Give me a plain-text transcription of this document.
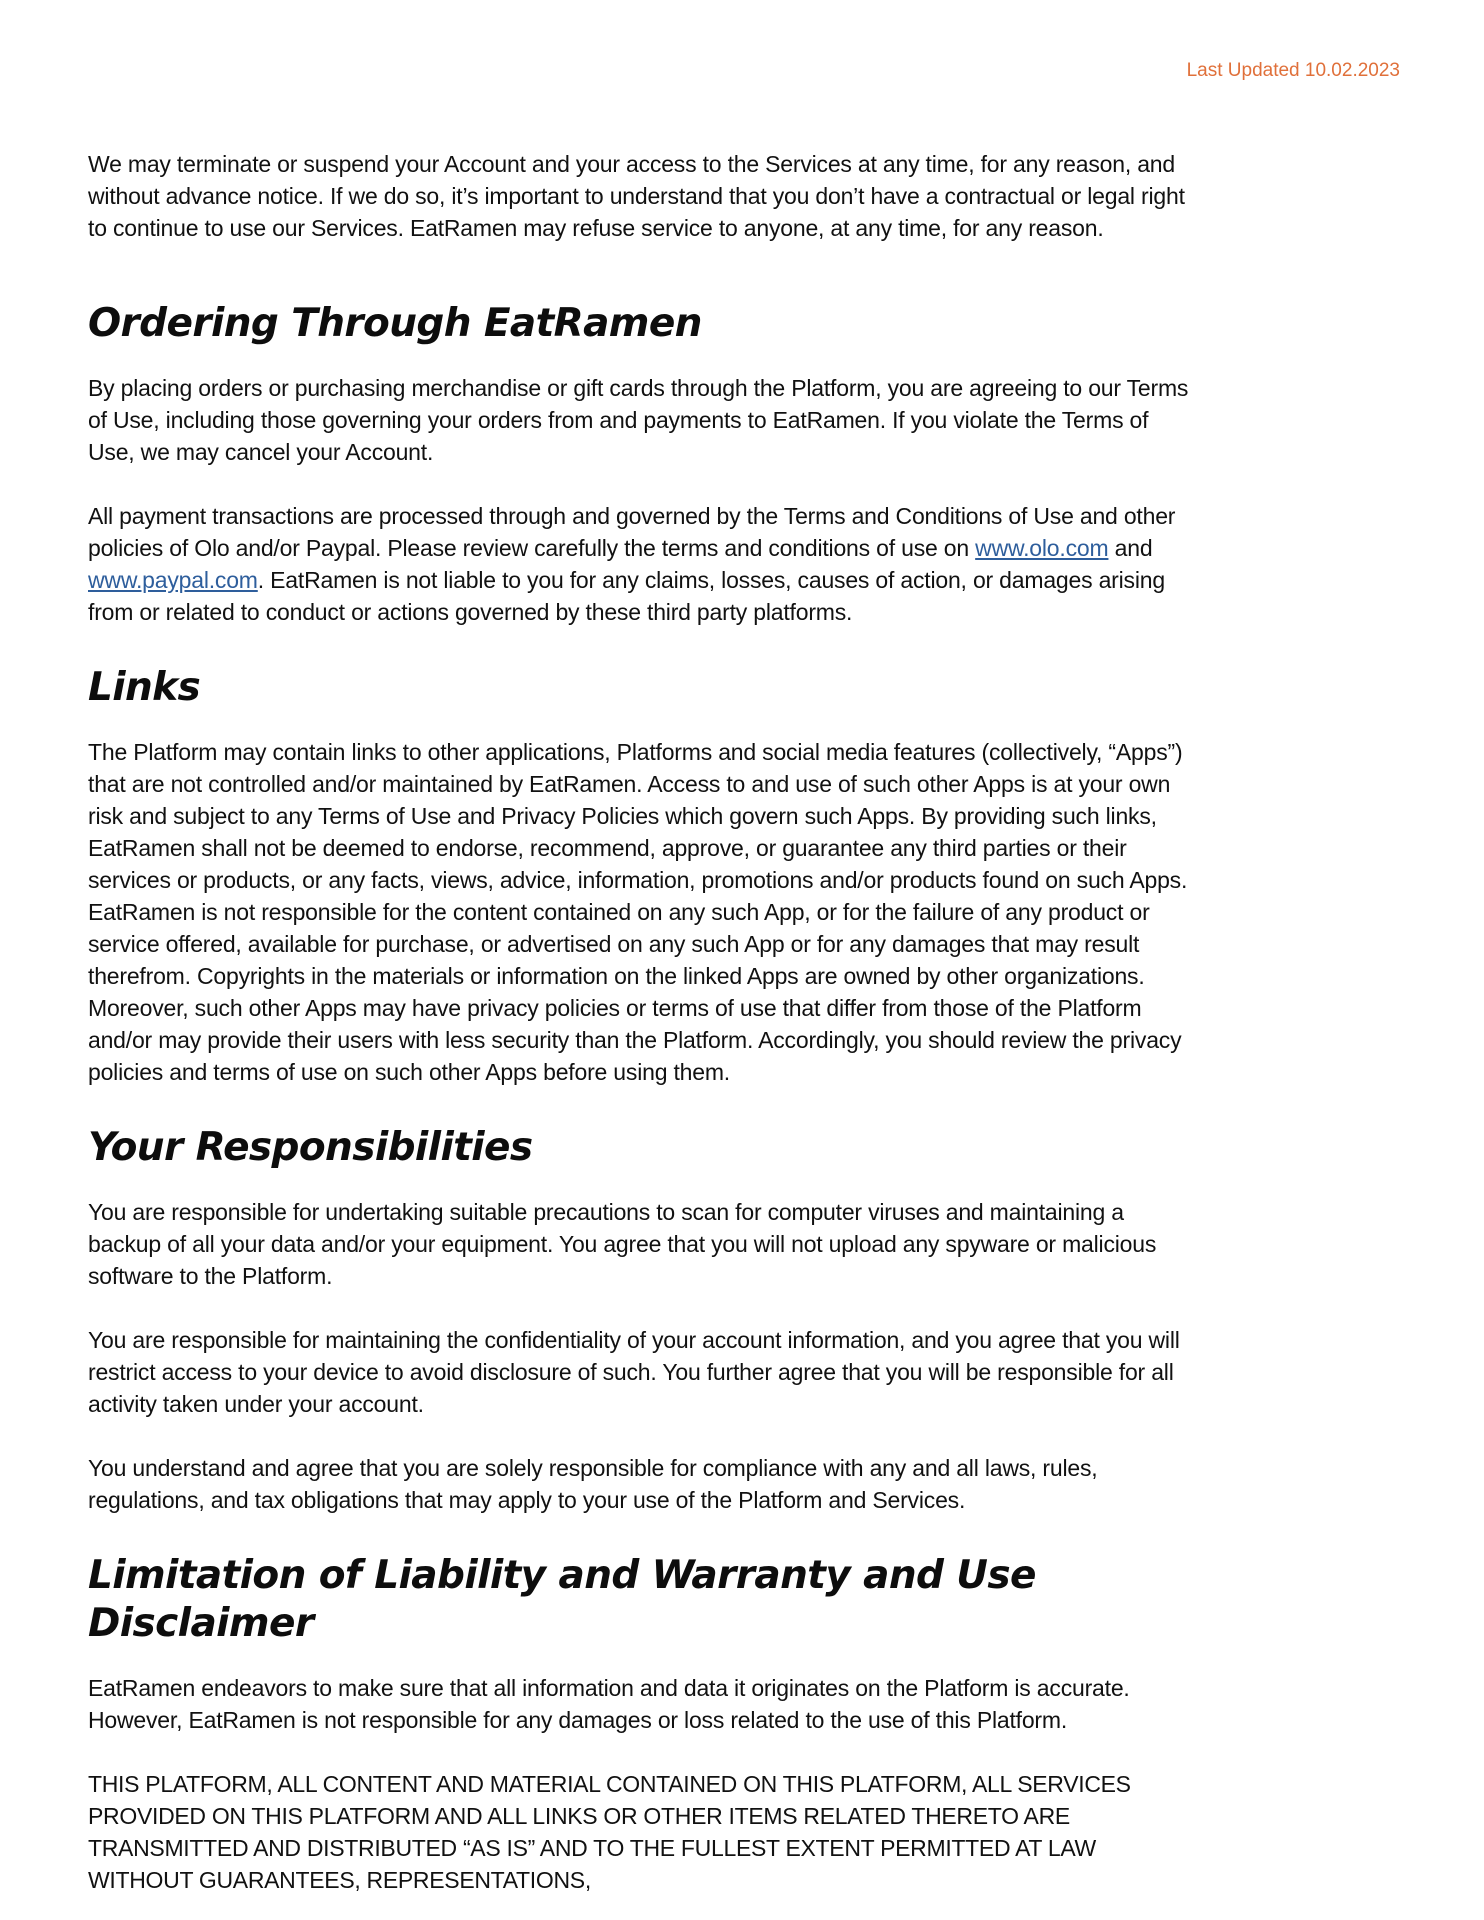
Last Updated 10.02.2023

We may terminate or suspend your Account and your access to the Services at any time, for any reason, and without advance notice. If we do so, it’s important to understand that you don’t have a contractual or legal right to continue to use our Services. EatRamen may refuse service to anyone, at any time, for any reason.

Ordering Through EatRamen

By placing orders or purchasing merchandise or gift cards through the Platform, you are agreeing to our Terms of Use, including those governing your orders from and payments to EatRamen. If you violate the Terms of Use, we may cancel your Account.

All payment transactions are processed through and governed by the Terms and Conditions of Use and other policies of Olo and/or Paypal. Please review carefully the terms and conditions of use on www.olo.com and www.paypal.com. EatRamen is not liable to you for any claims, losses, causes of action, or damages arising from or related to conduct or actions governed by these third party platforms.

Links

The Platform may contain links to other applications, Platforms and social media features (collectively, “Apps”) that are not controlled and/or maintained by EatRamen. Access to and use of such other Apps is at your own risk and subject to any Terms of Use and Privacy Policies which govern such Apps. By providing such links, EatRamen shall not be deemed to endorse, recommend, approve, or guarantee any third parties or their services or products, or any facts, views, advice, information, promotions and/or products found on such Apps. EatRamen is not responsible for the content contained on any such App, or for the failure of any product or service offered, available for purchase, or advertised on any such App or for any damages that may result therefrom. Copyrights in the materials or information on the linked Apps are owned by other organizations. Moreover, such other Apps may have privacy policies or terms of use that differ from those of the Platform and/or may provide their users with less security than the Platform. Accordingly, you should review the privacy policies and terms of use on such other Apps before using them.

Your Responsibilities

You are responsible for undertaking suitable precautions to scan for computer viruses and maintaining a backup of all your data and/or your equipment. You agree that you will not upload any spyware or malicious software to the Platform.

You are responsible for maintaining the confidentiality of your account information, and you agree that you will restrict access to your device to avoid disclosure of such. You further agree that you will be responsible for all activity taken under your account.

You understand and agree that you are solely responsible for compliance with any and all laws, rules, regulations, and tax obligations that may apply to your use of the Platform and Services.

Limitation of Liability and Warranty and Use Disclaimer

EatRamen endeavors to make sure that all information and data it originates on the Platform is accurate. However, EatRamen is not responsible for any damages or loss related to the use of this Platform.

THIS PLATFORM, ALL CONTENT AND MATERIAL CONTAINED ON THIS PLATFORM, ALL SERVICES PROVIDED ON THIS PLATFORM AND ALL LINKS OR OTHER ITEMS RELATED THERETO ARE TRANSMITTED AND DISTRIBUTED “AS IS” AND TO THE FULLEST EXTENT PERMITTED AT LAW WITHOUT GUARANTEES, REPRESENTATIONS,
